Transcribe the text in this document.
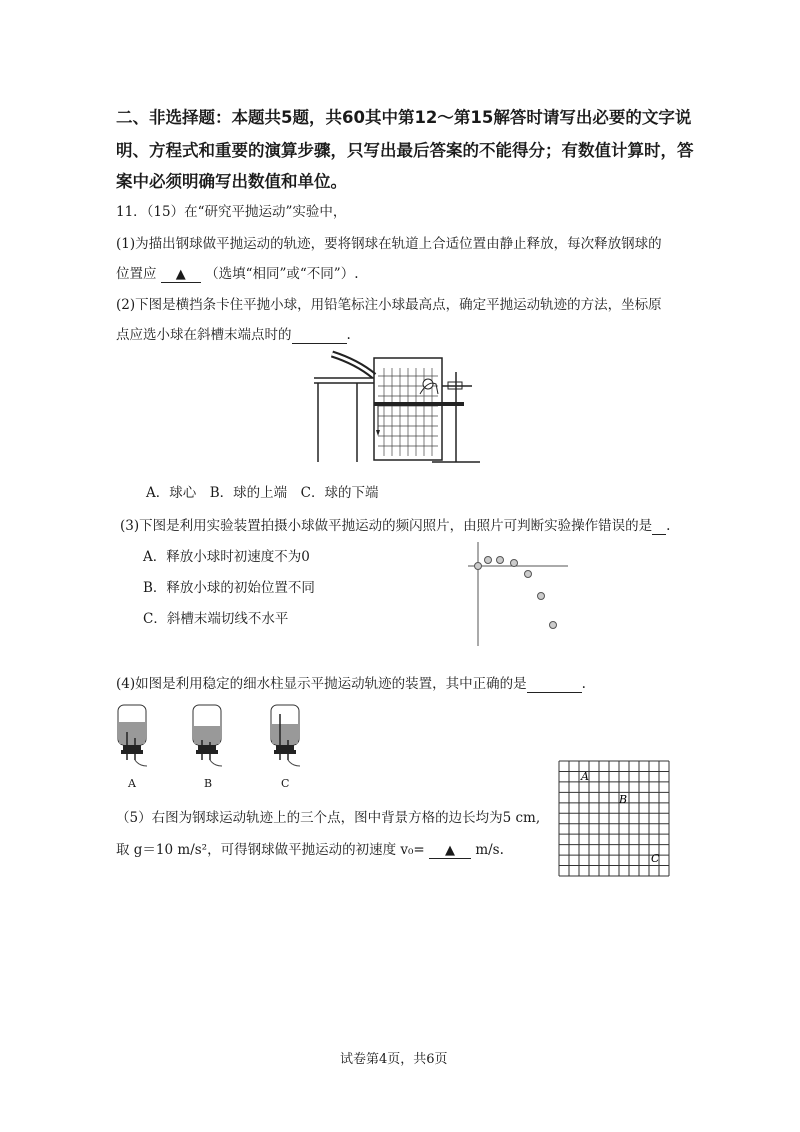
二、非选择题：本题共5题，共60其中第12～第15解答时请写出必要的文字说
明、方程式和重要的演算步骤，只写出最后答案的不能得分；有数值计算时，答
案中必须明确写出数值和单位。
11．（15）在“研究平抛运动”实验中，
(1)为描出钢球做平抛运动的轨迹，要将钢球在轨道上合适位置由静止释放，每次释放钢球的
位置应 ▲ （选填“相同”或“不同”）.
(2)下图是横挡条卡住平抛小球，用铅笔标注小球最高点，确定平抛运动轨迹的方法，坐标原
点应选小球在斜槽末端点时的	.
A．球心　B．球的上端　C．球的下端
(3)下图是利用实验装置拍摄小球做平抛运动的频闪照片，由照片可判断实验操作错误的是 .
A．释放小球时初速度不为0
B．释放小球的初始位置不同
C．斜槽末端切线不水平
(4)如图是利用稳定的细水柱显示平抛运动轨迹的装置，其中正确的是	.
A	B	C
（5）右图为钢球运动轨迹上的三个点，图中背景方格的边长均为5 cm,
取 g＝10 m/s²，可得钢球做平抛运动的初速度 v₀= ▲ m/s.
A
B
C
试卷第4页，共6页
